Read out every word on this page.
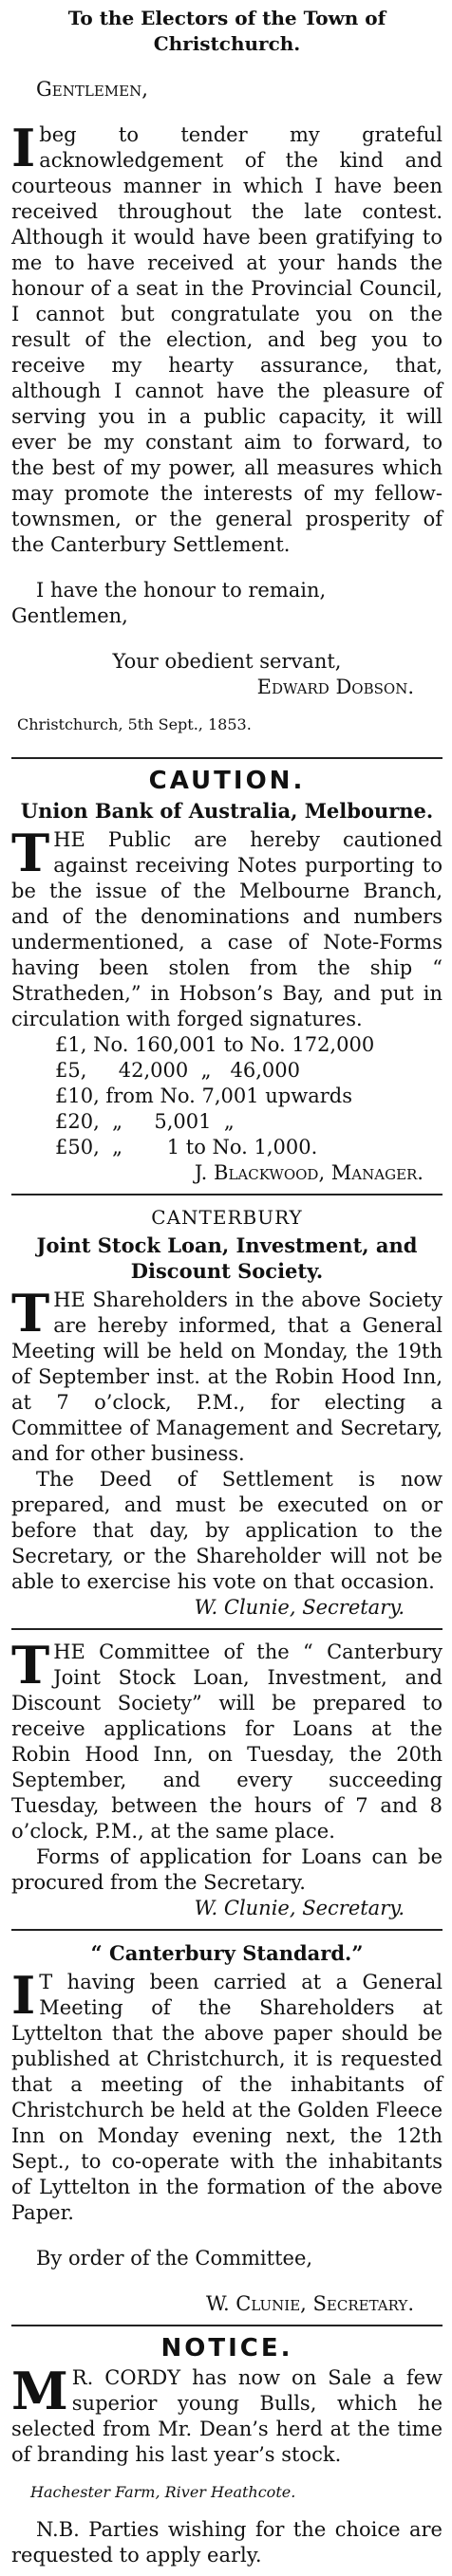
To the Electors of the Town of Christchurch.

Gentlemen,

Ibeg to tender my grateful acknowledgement of the kind and courteous manner in which I have been received throughout the late contest. Although it would have been gratifying to me to have received at your hands the honour of a seat in the Provincial Council, I cannot but congratulate you on the result of the election, and beg you to receive my hearty assurance, that, although I cannot have the pleasure of serving you in a public capacity, it will ever be my constant aim to forward, to the best of my power, all measures which may promote the interests of my fellow-townsmen, or the general prosperity of the Canterbury Settlement.

I have the honour to remain, Gentlemen,

Your obedient servant,

Edward Dobson.

Christchurch, 5th Sept., 1853.

CAUTION.

Union Bank of Australia, Melbourne.

THE Public are hereby cautioned against receiving Notes purporting to be the issue of the Melbourne Branch, and of the denominations and numbers undermentioned, a case of Note-Forms having been stolen from the ship “ Stratheden,” in Hobson’s Bay, and put in circulation with forged signatures.

£1, No. 160,001 to No. 172,000
£5,     42,000  „   46,000
£10, from No. 7,001 upwards
£20,  „     5,001  „
£50,  „       1 to No. 1,000.

J. Blackwood, Manager.

CANTERBURY

Joint Stock Loan, Investment, and Discount Society.

THE Shareholders in the above Society are hereby informed, that a General Meeting will be held on Monday, the 19th of September inst. at the Robin Hood Inn, at 7 o’clock, P.M., for electing a Committee of Management and Secretary, and for other business.

The Deed of Settlement is now prepared, and must be executed on or before that day, by application to the Secretary, or the Shareholder will not be able to exercise his vote on that occasion.

W. Clunie, Secretary.

THE Committee of the “ Canterbury Joint Stock Loan, Investment, and Discount Society” will be prepared to receive applications for Loans at the Robin Hood Inn, on Tuesday, the 20th September, and every succeeding Tuesday, between the hours of 7 and 8 o’clock, P.M., at the same place.

Forms of application for Loans can be procured from the Secretary.

W. Clunie, Secretary.

“ Canterbury Standard.”

I T having been carried at a General Meeting of the Shareholders at Lyttelton that the above paper should be published at Christchurch, it is requested that a meeting of the inhabitants of Christchurch be held at the Golden Fleece Inn on Monday evening next, the 12th Sept., to co-operate with the inhabitants of Lyttelton in the formation of the above Paper.

By order of the Committee,

W. Clunie, Secretary.

NOTICE.

M R. CORDY has now on Sale a few superior young Bulls, which he selected from Mr. Dean’s herd at the time of branding his last year’s stock.

Hachester Farm, River Heathcote.

N.B. Parties wishing for the choice are requested to apply early.
